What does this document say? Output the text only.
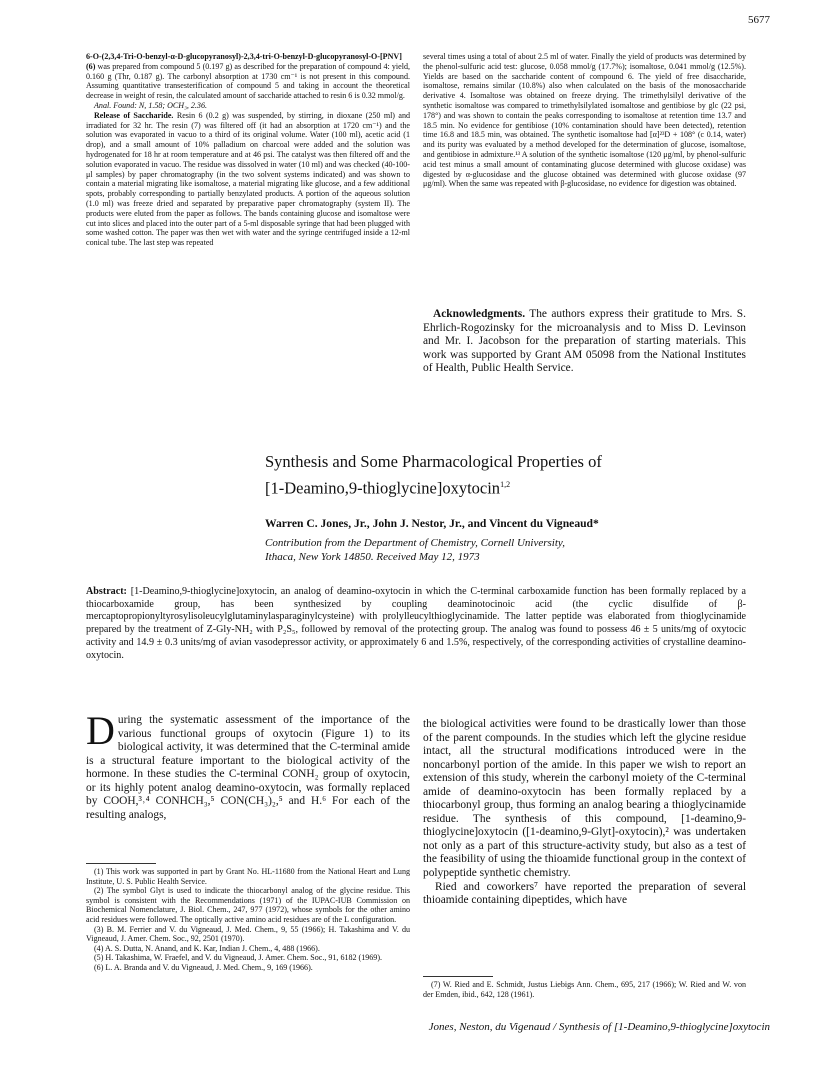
5677

6-O-(2,3,4-Tri-O-benzyl-α-D-glucopyranosyl)-2,3,4-tri-O-benzyl-D-glucopyranosyl-O-[PNV] (6) was prepared from compound 5 (0.197 g) as described for the preparation of compound 4: yield, 0.160 g (Thr, 0.187 g). The carbonyl absorption at 1730 cm⁻¹ is not present in this compound. Assuming quantitative transesterification of compound 5 and taking in account the theoretical decrease in weight of resin, the calculated amount of saccharide attached to resin 6 is 0.32 mmol/g.

Anal. Found: N, 1.58; OCH₃, 2.36.

Release of Saccharide. Resin 6 (0.2 g) was suspended, by stirring, in dioxane (250 ml) and irradiated for 32 hr. The resin (7) was filtered off (it had an absorption at 1720 cm⁻¹) and the solution was evaporated in vacuo to a third of its original volume. Water (100 ml), acetic acid (1 drop), and a small amount of 10% palladium on charcoal were added and the solution was hydrogenated for 18 hr at room temperature and at 46 psi. The catalyst was then filtered off and the solution evaporated in vacuo. The residue was dissolved in water (10 ml) and was checked (40-100-μl samples) by paper chromatography (in the two solvent systems indicated) and was shown to contain a material migrating like isomaltose, a material migrating like glucose, and a few additional spots, probably corresponding to partially benzylated products. A portion of the aqueous solution (1.0 ml) was freeze dried and separated by preparative paper chromatography (system II). The products were eluted from the paper as follows. The bands containing glucose and isomaltose were cut into slices and placed into the outer part of a 5-ml disposable syringe that had been plugged with some washed cotton. The paper was then wet with water and the syringe centrifuged inside a 12-ml conical tube. The last step was repeated

several times using a total of about 2.5 ml of water. Finally the yield of products was determined by the phenol-sulfuric acid test: glucose, 0.058 mmol/g (17.7%); isomaltose, 0.041 mmol/g (12.5%). Yields are based on the saccharide content of compound 6. The yield of free disaccharide, isomaltose, remains similar (10.8%) also when calculated on the basis of the monosaccharide derivative 4. Isomaltose was obtained on freeze drying. The trimethylsilyl derivative of the synthetic isomaltose was compared to trimethylsilylated isomaltose and gentibiose by glc (22 psi, 178°) and was shown to contain the peaks corresponding to isomaltose at retention time 13.7 and 18.5 min. No evidence for gentibiose (10% contamination should have been detected), retention time 16.8 and 18.5 min, was obtained. The synthetic isomaltose had [α]²³D + 108° (c 0.14, water) and its purity was evaluated by a method developed for the determination of glucose, isomaltose, and gentibiose in admixture.¹³ A solution of the synthetic isomaltose (120 μg/ml, by phenol-sulfuric acid test minus a small amount of contaminating glucose determined with glucose oxidase) was digested by α-glucosidase and the glucose obtained was determined with glucose oxidase (97 μg/ml). When the same was repeated with β-glucosidase, no evidence for digestion was obtained.

Acknowledgments. The authors express their gratitude to Mrs. S. Ehrlich-Rogozinsky for the microanalysis and to Miss D. Levinson and Mr. I. Jacobson for the preparation of starting materials. This work was supported by Grant AM 05098 from the National Institutes of Health, Public Health Service.

Synthesis and Some Pharmacological Properties of
[1-Deamino,9-thioglycine]oxytocin$^{1,2}$
Warren C. Jones, Jr., John J. Nestor, Jr., and Vincent du Vigneaud*
Contribution from the Department of Chemistry, Cornell University,
Ithaca, New York 14850. Received May 12, 1973
Abstract: [1-Deamino,9-thioglycine]oxytocin, an analog of deamino-oxytocin in which the C-terminal carboxamide function has been formally replaced by a thiocarboxamide group, has been synthesized by coupling deaminotocinoic acid (the cyclic disulfide of β-mercaptopropionyltyrosylisoleucylglutaminylasparaginylcysteine) with prolylleucylthioglycinamide. The latter peptide was elaborated from thioglycinamide prepared by the treatment of Z-Gly-NH₂ with P₂S₅, followed by removal of the protecting group. The analog was found to possess 46 ± 5 units/mg of oxytocic activity and 14.9 ± 0.3 units/mg of avian vasodepressor activity, or approximately 6 and 1.5%, respectively, of the corresponding activities of crystalline deamino-oxytocin.

During the systematic assessment of the importance of the various functional groups of oxytocin (Figure 1) to its biological activity, it was determined that the C-terminal amide is a structural feature important to the biological activity of the hormone. In these studies the C-terminal CONH₂ group of oxytocin, or its highly potent analog deamino-oxytocin, was formally replaced by COOH,³˒⁴ CONHCH₃,⁵ CON(CH₃)₂,⁵ and H.⁶ For each of the resulting analogs,

(1) This work was supported in part by Grant No. HL-11680 from the National Heart and Lung Institute, U. S. Public Health Service.

(2) The symbol Glyt is used to indicate the thiocarbonyl analog of the glycine residue. This symbol is consistent with the Recommendations (1971) of the IUPAC-IUB Commission on Biochemical Nomenclature, J. Biol. Chem., 247, 977 (1972), whose symbols for the other amino acid residues were followed. The optically active amino acid residues are of the L configuration.

(3) B. M. Ferrier and V. du Vigneaud, J. Med. Chem., 9, 55 (1966); H. Takashima and V. du Vigneaud, J. Amer. Chem. Soc., 92, 2501 (1970).

(4) A. S. Dutta, N. Anand, and K. Kar, Indian J. Chem., 4, 488 (1966).

(5) H. Takashima, W. Fraefel, and V. du Vigneaud, J. Amer. Chem. Soc., 91, 6182 (1969).

(6) L. A. Branda and V. du Vigneaud, J. Med. Chem., 9, 169 (1966).

the biological activities were found to be drastically lower than those of the parent compounds. In the studies which left the glycine residue intact, all the structural modifications introduced were in the noncarbonyl portion of the amide. In this paper we wish to report an extension of this study, wherein the carbonyl moiety of the C-terminal amide of deamino-oxytocin has been formally replaced by a thiocarbonyl group, thus forming an analog bearing a thioglycinamide residue. The synthesis of this compound, [1-deamino,9-thioglycine]oxytocin ([1-deamino,9-Glyt]-oxytocin),² was undertaken not only as a part of this structure-activity study, but also as a test of the feasibility of using the thioamide functional group in the context of polypeptide synthetic chemistry.

Ried and coworkers⁷ have reported the preparation of several thioamide containing dipeptides, which have

(7) W. Ried and E. Schmidt, Justus Liebigs Ann. Chem., 695, 217 (1966); W. Ried and W. von der Emden, ibid., 642, 128 (1961).

Jones, Neston, du Vigenaud / Synthesis of [1-Deamino,9-thioglycine]oxytocin
